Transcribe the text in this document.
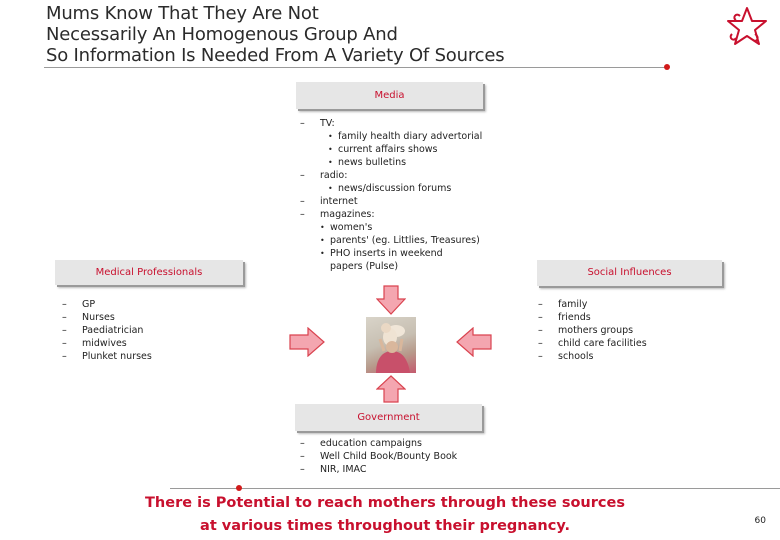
Mums Know That They Are Not
Necessarily An Homogenous Group And
So Information Is Needed From A Variety Of Sources
Media
– TV:
• family health diary advertorial
• current affairs shows
• news bulletins
– radio:
• news/discussion forums
– internet
– magazines:
• women's
• parents' (eg. Littlies, Treasures)
• PHO inserts in weekend
papers (Pulse)
Medical Professionals
– GP
– Nurses
– Paediatrician
– midwives
– Plunket nurses
Social Influences
– family
– friends
– mothers groups
– child care facilities
– schools
Government
– education campaigns
– Well Child Book/Bounty Book
– NIR, IMAC
There is Potential to reach mothers through these sources
at various times throughout their pregnancy.	60
